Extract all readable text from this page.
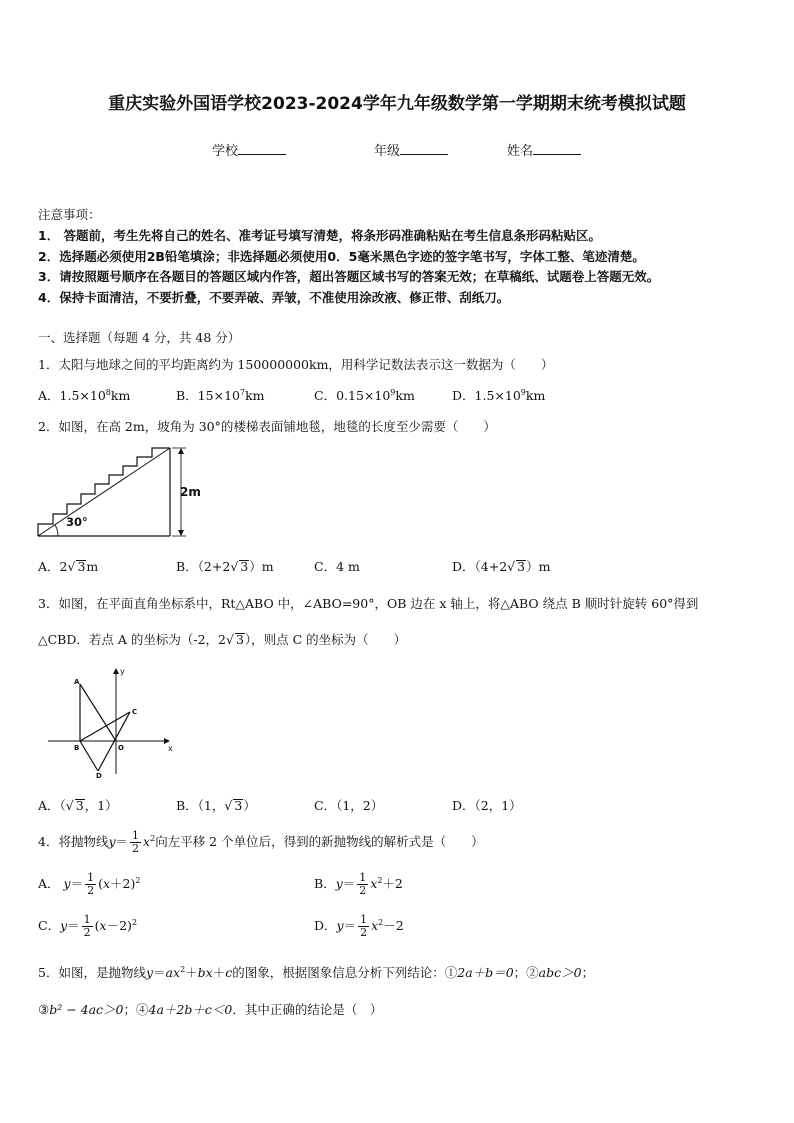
重庆实验外国语学校2023-2024学年九年级数学第一学期期末统考模拟试题
学校	年级	姓名
注意事项：
1． 答题前，考生先将自己的姓名、准考证号填写清楚，将条形码准确粘贴在考生信息条形码粘贴区。
2．选择题必须使用2B铅笔填涂；非选择题必须使用0．5毫米黑色字迹的签字笔书写，字体工整、笔迹清楚。
3．请按照题号顺序在各题目的答题区域内作答，超出答题区域书写的答案无效；在草稿纸、试题卷上答题无效。
4．保持卡面清洁，不要折叠，不要弄破、弄皱，不准使用涂改液、修正带、刮纸刀。
一、选择题（每题 4 分，共 48 分）
1．太阳与地球之间的平均距离约为 150000000km，用科学记数法表示这一数据为（　　）
A．$1.5\times 10^8km$	B．$15\times 10^7km$	C．$0.15\times 10^9km$	D．$1.5\times 10^9km$
2．如图，在高 2m，坡角为 30°的楼梯表面铺地毯，地毯的长度至少需要（　　）
2m
30°
A．2√ 3m	B．（2+2√ 3）m	C．4 m	D．（4+2√ 3）m
3．如图，在平面直角坐标系中，Rt△ABO 中，∠ABO=90°，OB 边在 x 轴上，将△ABO 绕点 B 顺时针旋转 60°得到
△CBD．若点 A 的坐标为（-2，2√ 3），则点 C 的坐标为（　　）
y
x
A
B	O
C
D
A．（√ 3，1）	B．（1，√ 3）	C．（1，2）	D．（2，1）
4．将抛物线$y= \frac{1}{2} x^2$向左平移 2 个单位后，得到的新抛物线的解析式是（　　）
A． $y= \frac{1}{2} (x+2)^2$	B．$y= \frac{1}{2} x^2+2$
C．$y= \frac{1}{2} (x-2)^2$	D．$y= \frac{1}{2} x^2-2$
5．如图，是抛物线$y=ax^2+bx+c$的图象，根据图象信息分析下列结论：①2a＋b＝0；②abc＞0；
③b² − 4ac＞0；④4a＋2b＋c＜0．其中正确的结论是（　）
